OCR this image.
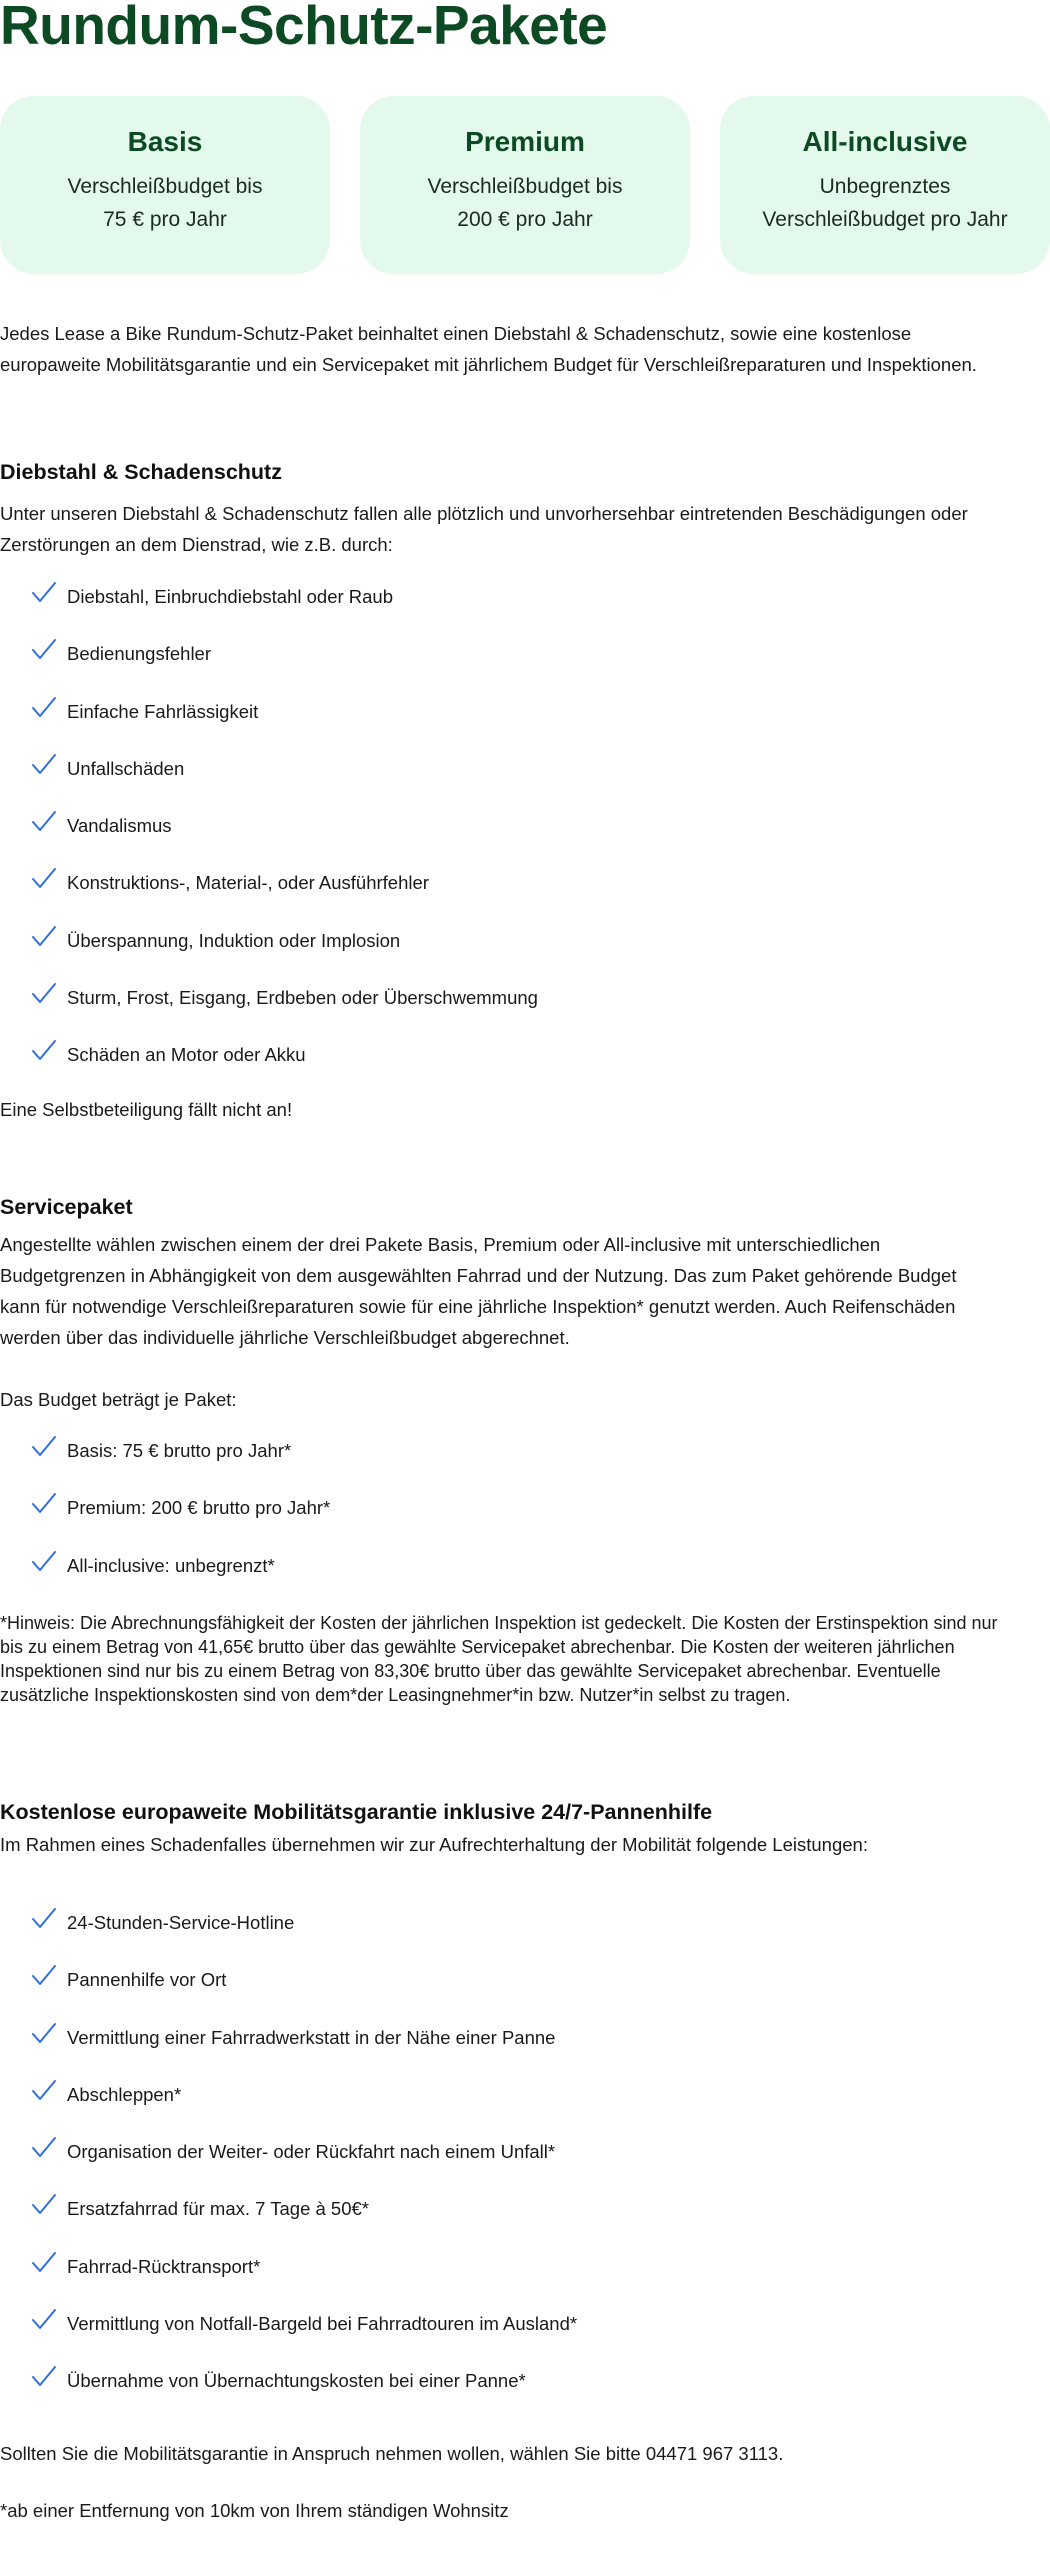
Rundum-Schutz-Pakete
Basis
Verschleißbudget bis
75 € pro Jahr
Premium
Verschleißbudget bis
200 € pro Jahr
All-inclusive
Unbegrenztes
Verschleißbudget pro Jahr

Jedes Lease a Bike Rundum-Schutz-Paket beinhaltet einen Diebstahl & Schadenschutz, sowie eine kostenlose europaweite Mobilitätsgarantie und ein Servicepaket mit jährlichem Budget für Verschleißreparaturen und Inspektionen.

Diebstahl & Schadenschutz

Unter unseren Diebstahl & Schadenschutz fallen alle plötzlich und unvorhersehbar eintretenden Beschädigungen oder Zerstörungen an dem Dienstrad, wie z.B. durch:

Diebstahl, Einbruchdiebstahl oder Raub
Bedienungsfehler
Einfache Fahrlässigkeit
Unfallschäden
Vandalismus
Konstruktions-, Material-, oder Ausführfehler
Überspannung, Induktion oder Implosion
Sturm, Frost, Eisgang, Erdbeben oder Überschwemmung
Schäden an Motor oder Akku

Eine Selbstbeteiligung fällt nicht an!

Servicepaket

Angestellte wählen zwischen einem der drei Pakete Basis, Premium oder All-inclusive mit unterschiedlichen Budgetgrenzen in Abhängigkeit von dem ausgewählten Fahrrad und der Nutzung. Das zum Paket gehörende Budget kann für notwendige Verschleißreparaturen sowie für eine jährliche Inspektion* genutzt werden. Auch Reifenschäden werden über das individuelle jährliche Verschleißbudget abgerechnet.

Das Budget beträgt je Paket:

Basis: 75 € brutto pro Jahr*
Premium: 200 € brutto pro Jahr*
All-inclusive: unbegrenzt*

*Hinweis: Die Abrechnungsfähigkeit der Kosten der jährlichen Inspektion ist gedeckelt. Die Kosten der Erstinspektion sind nur bis zu einem Betrag von 41,65€ brutto über das gewählte Servicepaket abrechenbar. Die Kosten der weiteren jährlichen Inspektionen sind nur bis zu einem Betrag von 83,30€ brutto über das gewählte Servicepaket abrechenbar. Eventuelle zusätzliche Inspektionskosten sind von dem*der Leasingnehmer*in bzw. Nutzer*in selbst zu tragen.

Kostenlose europaweite Mobilitätsgarantie inklusive 24/7-Pannenhilfe

Im Rahmen eines Schadenfalles übernehmen wir zur Aufrechterhaltung der Mobilität folgende Leistungen:

24-Stunden-Service-Hotline
Pannenhilfe vor Ort
Vermittlung einer Fahrradwerkstatt in der Nähe einer Panne
Abschleppen*
Organisation der Weiter- oder Rückfahrt nach einem Unfall*
Ersatzfahrrad für max. 7 Tage à 50€*
Fahrrad-Rücktransport*
Vermittlung von Notfall-Bargeld bei Fahrradtouren im Ausland*
Übernahme von Übernachtungskosten bei einer Panne*

Sollten Sie die Mobilitätsgarantie in Anspruch nehmen wollen, wählen Sie bitte 04471 967 3113.

*ab einer Entfernung von 10km von Ihrem ständigen Wohnsitz
